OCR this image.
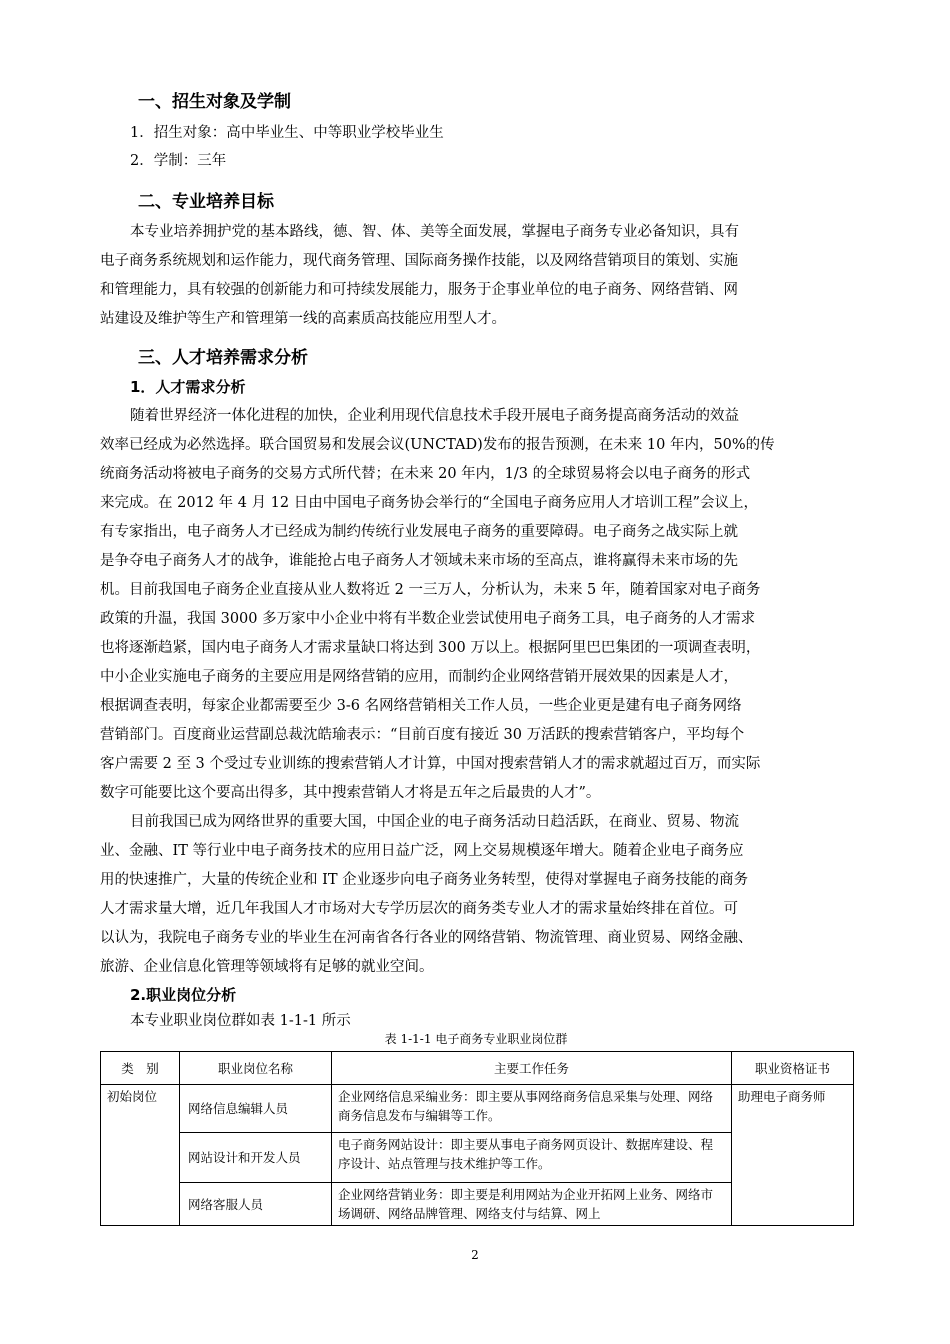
一、招生对象及学制

1．招生对象：高中毕业生、中等职业学校毕业生

2．学制：三年

二、专业培养目标

本专业培养拥护党的基本路线，德、智、体、美等全面发展，掌握电子商务专业必备知识，具有

电子商务系统规划和运作能力，现代商务管理、国际商务操作技能，以及网络营销项目的策划、实施

和管理能力，具有较强的创新能力和可持续发展能力，服务于企事业单位的电子商务、网络营销、网

站建设及维护等生产和管理第一线的高素质高技能应用型人才。

三、人才培养需求分析
1．人才需求分析

随着世界经济一体化进程的加快，企业利用现代信息技术手段开展电子商务提高商务活动的效益

效率已经成为必然选择。联合国贸易和发展会议(UNCTAD)发布的报告预测，在未来 10 年内，50%的传

统商务活动将被电子商务的交易方式所代替；在未来 20 年内，1/3 的全球贸易将会以电子商务的形式

来完成。在 2012 年 4 月 12 日由中国电子商务协会举行的“全国电子商务应用人才培训工程”会议上，

有专家指出，电子商务人才已经成为制约传统行业发展电子商务的重要障碍。电子商务之战实际上就

是争夺电子商务人才的战争，谁能抢占电子商务人才领域未来市场的至高点，谁将赢得未来市场的先

机。目前我国电子商务企业直接从业人数将近 2 一三万人，分析认为，未来 5 年，随着国家对电子商务

政策的升温，我国 3000 多万家中小企业中将有半数企业尝试使用电子商务工具，电子商务的人才需求

也将逐渐趋紧，国内电子商务人才需求量缺口将达到 300 万以上。根据阿里巴巴集团的一项调查表明，

中小企业实施电子商务的主要应用是网络营销的应用，而制约企业网络营销开展效果的因素是人才，

根据调查表明，每家企业都需要至少 3-6 名网络营销相关工作人员，一些企业更是建有电子商务网络

营销部门。百度商业运营副总裁沈皓瑜表示：“目前百度有接近 30 万活跃的搜索营销客户，平均每个

客户需要 2 至 3 个受过专业训练的搜索营销人才计算，中国对搜索营销人才的需求就超过百万，而实际

数字可能要比这个要高出得多，其中搜索营销人才将是五年之后最贵的人才”。

目前我国已成为网络世界的重要大国，中国企业的电子商务活动日趋活跃，在商业、贸易、物流

业、金融、IT 等行业中电子商务技术的应用日益广泛，网上交易规模逐年增大。随着企业电子商务应

用的快速推广，大量的传统企业和 IT 企业逐步向电子商务业务转型，使得对掌握电子商务技能的商务

人才需求量大增，近几年我国人才市场对大专学历层次的商务类专业人才的需求量始终排在首位。可

以认为，我院电子商务专业的毕业生在河南省各行各业的网络营销、物流管理、商业贸易、网络金融、

旅游、企业信息化管理等领域将有足够的就业空间。

2.职业岗位分析

本专业职业岗位群如表 1-1-1 所示

表 1-1-1 电子商务专业职业岗位群

类　别	职业岗位名称	主要工作任务	职业资格证书
初始岗位	网络信息编辑人员	企业网络信息采编业务：即主要从事网络商务信息采集与处理、网络商务信息发布与编辑等工作。	助理电子商务师
	网站设计和开发人员	电子商务网站设计：即主要从事电子商务网页设计、数据库建设、程序设计、站点管理与技术维护等工作。	
	网络客服人员	企业网络营销业务：即主要是利用网站为企业开拓网上业务、网络市场调研、网络品牌管理、网络支付与结算、网上	

2
